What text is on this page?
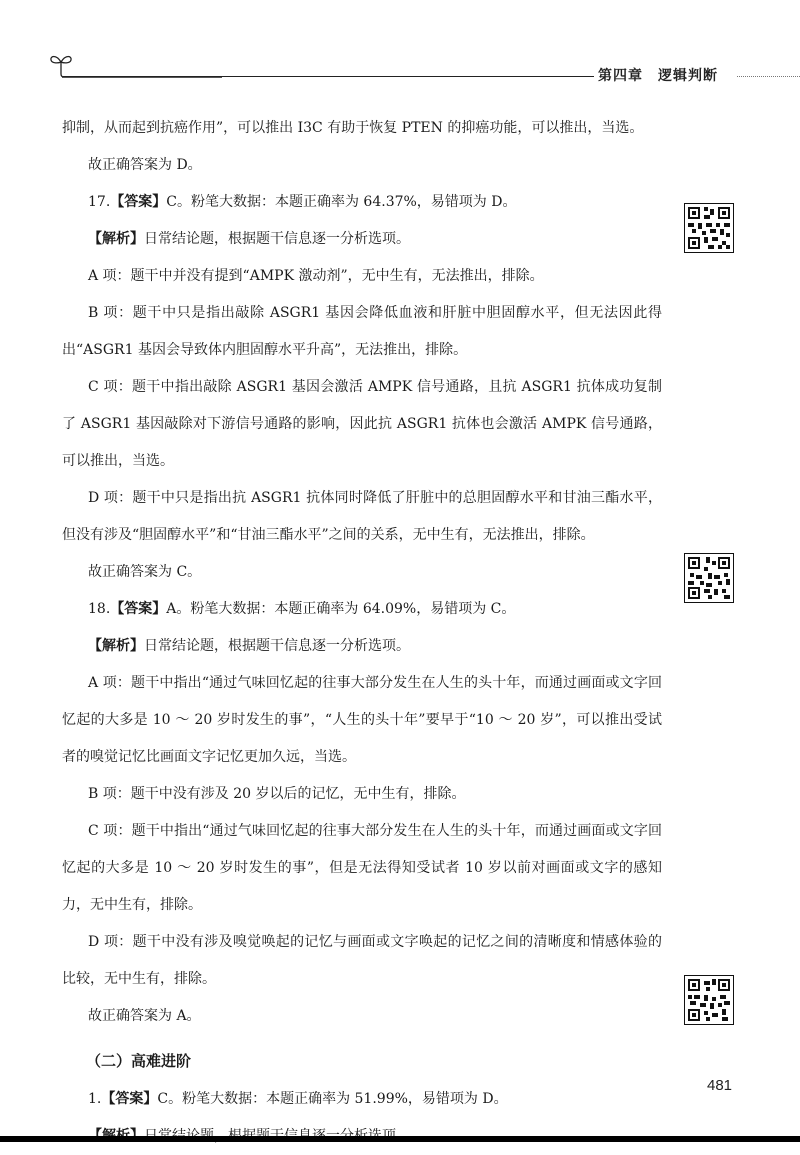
第四章　逻辑判断

抑制，从而起到抗癌作用”，可以推出 I3C 有助于恢复 PTEN 的抑癌功能，可以推出，当选。

故正确答案为 D。

17.【答案】C。粉笔大数据：本题正确率为 64.37%，易错项为 D。

【解析】日常结论题，根据题干信息逐一分析选项。

A 项：题干中并没有提到“AMPK 激动剂”，无中生有，无法推出，排除。

B 项：题干中只是指出敲除 ASGR1 基因会降低血液和肝脏中胆固醇水平，但无法因此得出“ASGR1 基因会导致体内胆固醇水平升高”，无法推出，排除。

C 项：题干中指出敲除 ASGR1 基因会激活 AMPK 信号通路，且抗 ASGR1 抗体成功复制了 ASGR1 基因敲除对下游信号通路的影响，因此抗 ASGR1 抗体也会激活 AMPK 信号通路，可以推出，当选。

D 项：题干中只是指出抗 ASGR1 抗体同时降低了肝脏中的总胆固醇水平和甘油三酯水平，但没有涉及“胆固醇水平”和“甘油三酯水平”之间的关系，无中生有，无法推出，排除。

故正确答案为 C。

18.【答案】A。粉笔大数据：本题正确率为 64.09%，易错项为 C。

【解析】日常结论题，根据题干信息逐一分析选项。

A 项：题干中指出“通过气味回忆起的往事大部分发生在人生的头十年，而通过画面或文字回忆起的大多是 10 ～ 20 岁时发生的事”，“人生的头十年”要早于“10 ～ 20 岁”，可以推出受试者的嗅觉记忆比画面文字记忆更加久远，当选。

B 项：题干中没有涉及 20 岁以后的记忆，无中生有，排除。

C 项：题干中指出“通过气味回忆起的往事大部分发生在人生的头十年，而通过画面或文字回忆起的大多是 10 ～ 20 岁时发生的事”，但是无法得知受试者 10 岁以前对画面或文字的感知力，无中生有，排除。

D 项：题干中没有涉及嗅觉唤起的记忆与画面或文字唤起的记忆之间的清晰度和情感体验的比较，无中生有，排除。

故正确答案为 A。

（二）高难进阶

1.【答案】C。粉笔大数据：本题正确率为 51.99%，易错项为 D。

481
